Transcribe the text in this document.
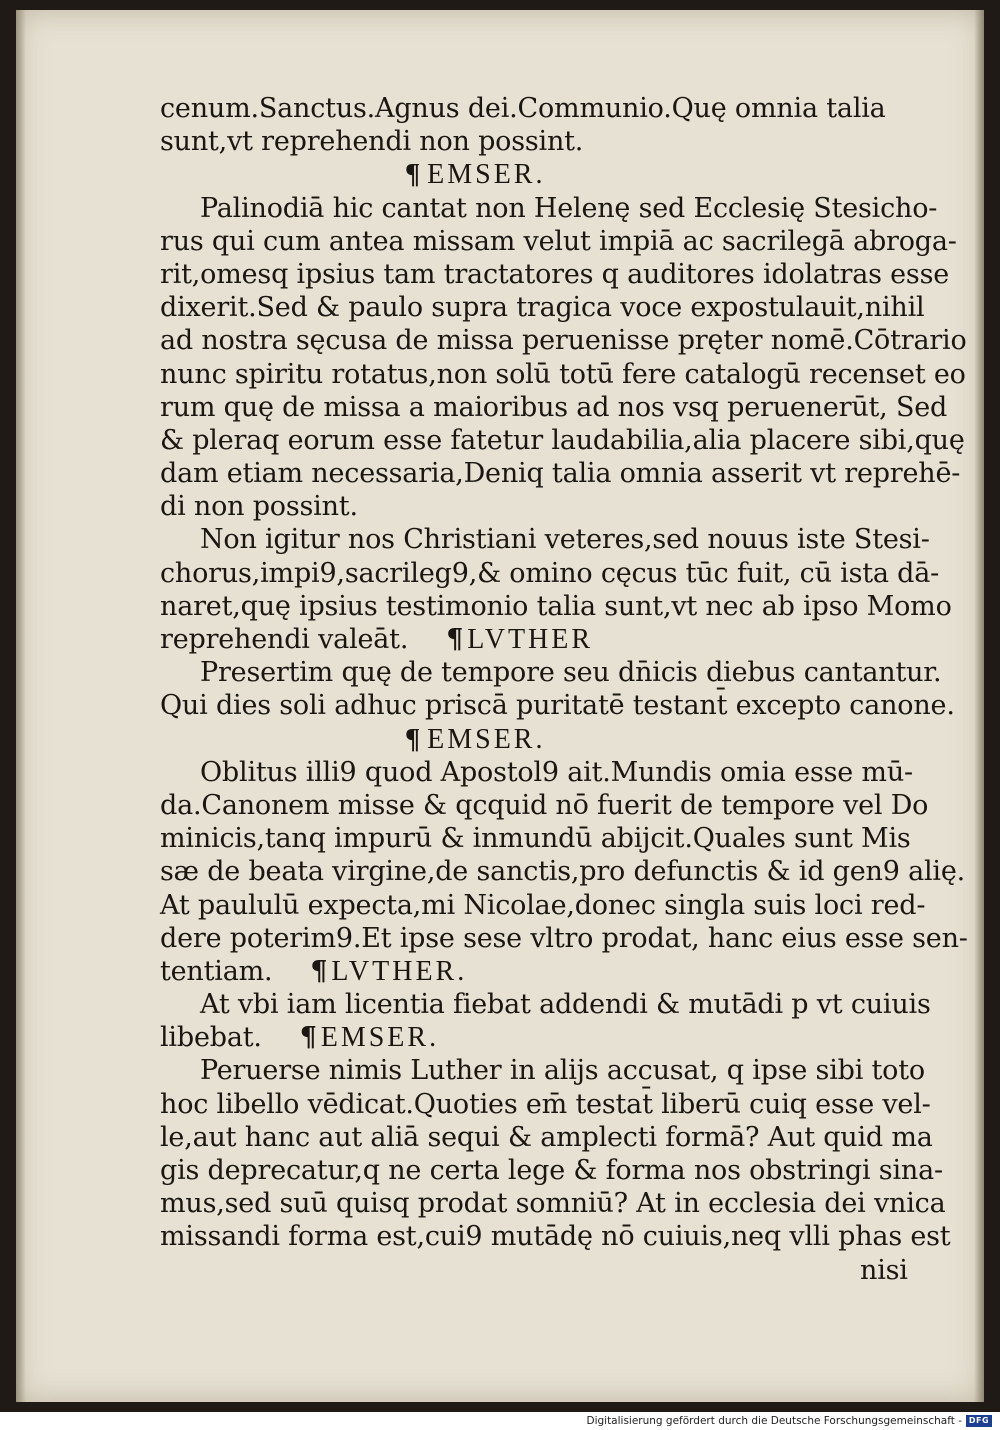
cenum.Sanctus.Agnus dei.Communio.Quę omnia talia
sunt,vt reprehendi non possint.
¶ EMSER.
Palinodiā hic cantat non Helenę sed Ecclesię Stesicho-
rus qui cum antea missam velut impiā ac sacrilegā abroga-
rit,omesq ipsius tam tractatores q auditores idolatras esse
dixerit.Sed & paulo supra tragica voce expostulauit,nihil
ad nostra sęcusa de missa peruenisse pręter nomē.Cōtrario
nunc spiritu rotatus,non solū totū fere catalogū recenset eo
rum quę de missa a maioribus ad nos vsq peruenerūt, Sed
& pleraq eorum esse fatetur laudabilia,alia placere sibi,quę
dam etiam necessaria,Deniq talia omnia asserit vt reprehē-
di non possint.
Non igitur nos Christiani veteres,sed nouus iste Stesi-
chorus,impi9,sacrileg9,& omino cęcus tūc fuit, cū ista dā-
naret,quę ipsius testimonio talia sunt,vt nec ab ipso Momo
reprehendi valeāt. ¶ LVTHER
Presertim quę de tempore seu dn̄icis diebus cantantur.
Qui dies soli adhuc priscā puritatē testant̄ excepto canone.
¶ EMSER.
Oblitus illi9 quod Apostol9 ait.Mundis omia esse mū-
da.Canonem misse & qcquid nō fuerit de tempore vel Do
minicis,tanq impurū & inmundū abijcit.Quales sunt Mis
sæ de beata virgine,de sanctis,pro defunctis & id gen9 alię.
At paululū expecta,mi Nicolae,donec singla suis loci red-
dere poterim9.Et ipse sese vltro prodat, hanc eius esse sen-
tentiam. ¶ LVTHER.
At vbi iam licentia fiebat addendi & mutādi p vt cuiuis
libebat. ¶ EMSER.
Peruerse nimis Luther in alijs accusat, q ipse sibi toto
hoc libello vēdicat.Quoties em̄ testat̄ liberū cuiq esse vel-
le,aut hanc aut aliā sequi & amplecti formā? Aut quid ma
gis deprecatur,q ne certa lege & forma nos obstringi sina-
mus,sed suū quisq prodat somniū? At in ecclesia dei vnica
missandi forma est,cui9 mutādę nō cuiuis,neq vlli phas est
nisi
Digitalisierung gefördert durch die Deutsche Forschungsgemeinschaft - DFG
